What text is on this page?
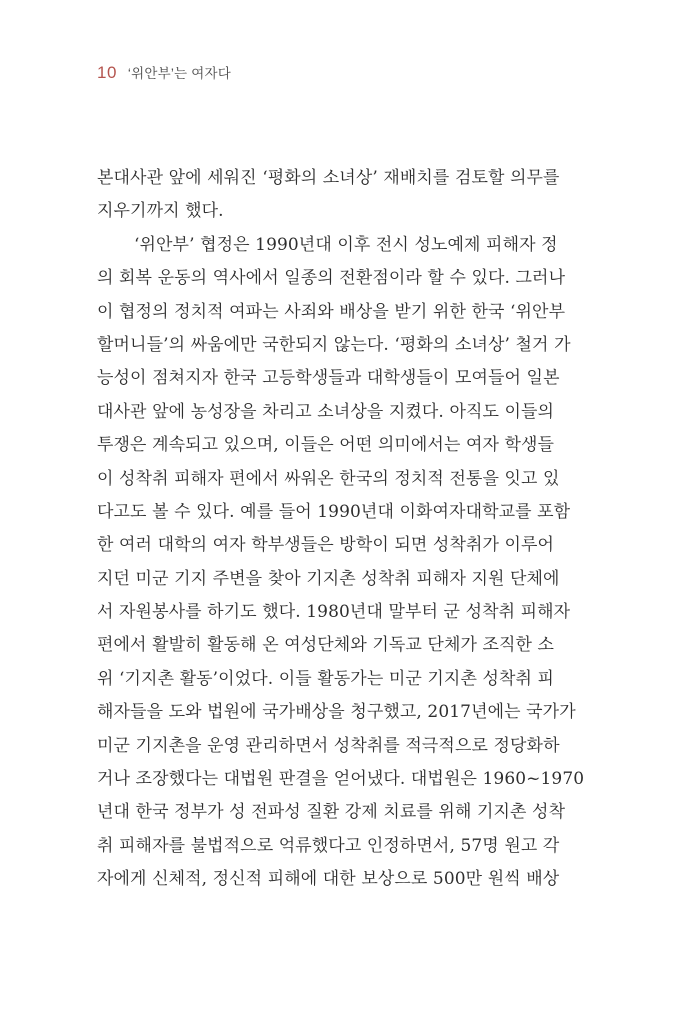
10 ‘위안부’는 여자다
본대사관 앞에 세워진 ‘평화의 소녀상’ 재배치를 검토할 의무를
지우기까지 했다.
‘위안부’ 협정은 1990년대 이후 전시 성노예제 피해자 정
의 회복 운동의 역사에서 일종의 전환점이라 할 수 있다. 그러나
이 협정의 정치적 여파는 사죄와 배상을 받기 위한 한국 ‘위안부
할머니들’의 싸움에만 국한되지 않는다. ‘평화의 소녀상’ 철거 가
능성이 점쳐지자 한국 고등학생들과 대학생들이 모여들어 일본
대사관 앞에 농성장을 차리고 소녀상을 지켰다. 아직도 이들의
투쟁은 계속되고 있으며, 이들은 어떤 의미에서는 여자 학생들
이 성착취 피해자 편에서 싸워온 한국의 정치적 전통을 잇고 있
다고도 볼 수 있다. 예를 들어 1990년대 이화여자대학교를 포함
한 여러 대학의 여자 학부생들은 방학이 되면 성착취가 이루어
지던 미군 기지 주변을 찾아 기지촌 성착취 피해자 지원 단체에
서 자원봉사를 하기도 했다. 1980년대 말부터 군 성착취 피해자
편에서 활발히 활동해 온 여성단체와 기독교 단체가 조직한 소
위 ‘기지촌 활동’이었다. 이들 활동가는 미군 기지촌 성착취 피
해자들을 도와 법원에 국가배상을 청구했고, 2017년에는 국가가
미군 기지촌을 운영 관리하면서 성착취를 적극적으로 정당화하
거나 조장했다는 대법원 판결을 얻어냈다. 대법원은 1960~1970
년대 한국 정부가 성 전파성 질환 강제 치료를 위해 기지촌 성착
취 피해자를 불법적으로 억류했다고 인정하면서, 57명 원고 각
자에게 신체적, 정신적 피해에 대한 보상으로 500만 원씩 배상
